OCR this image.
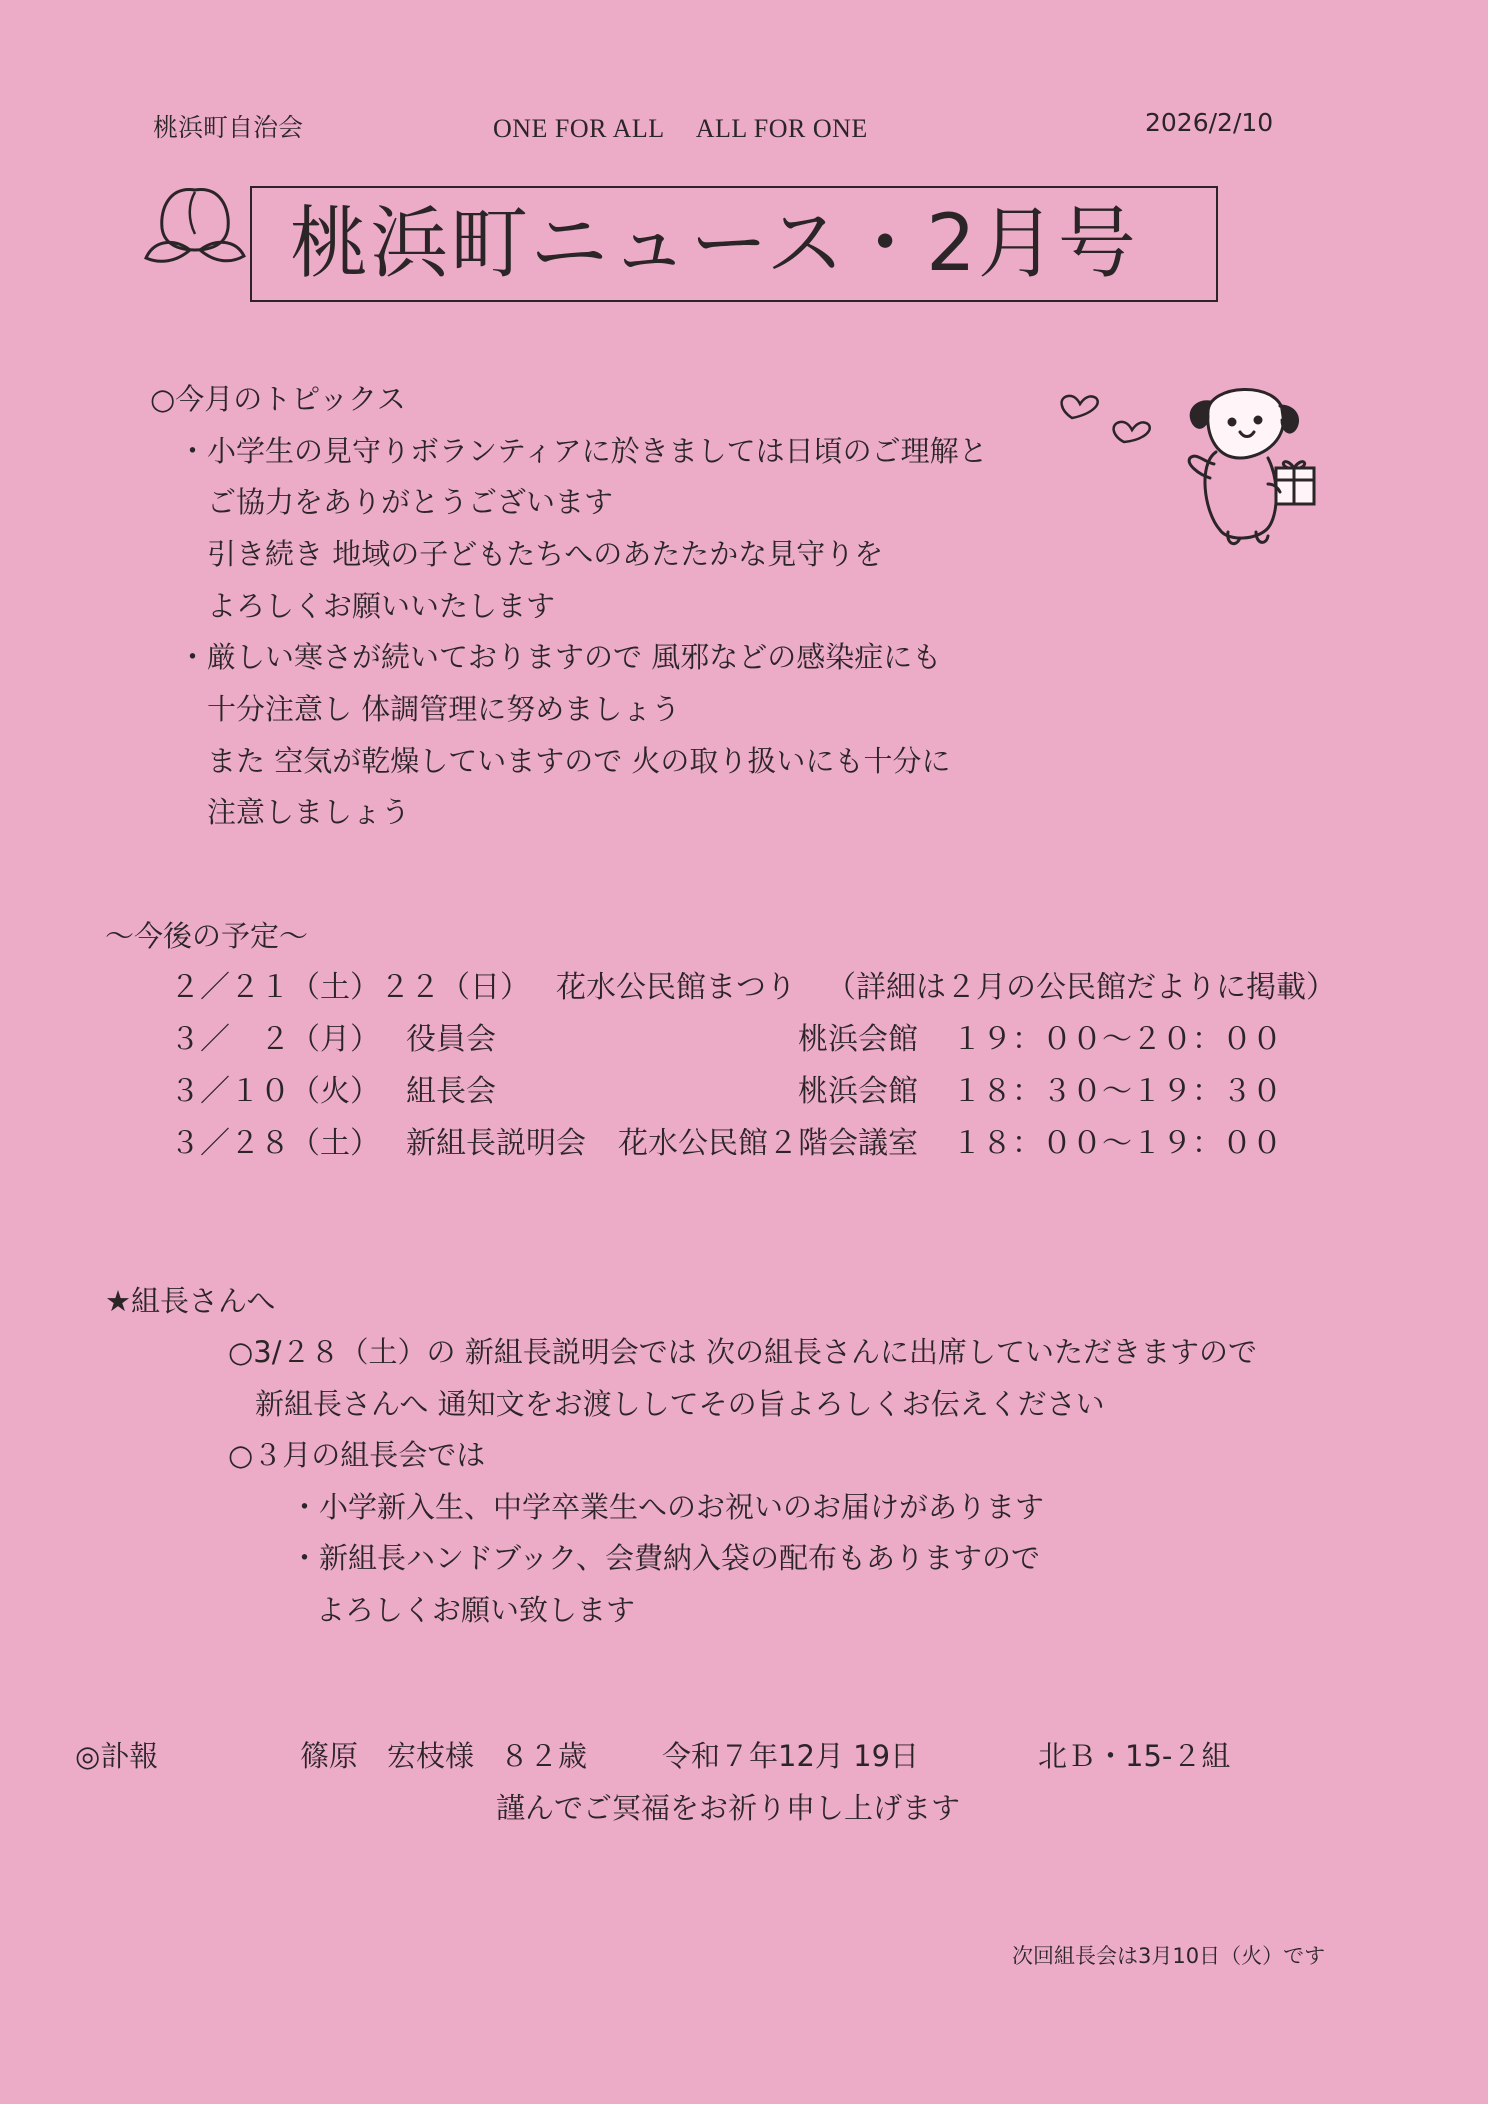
桃浜町自治会	ONE FOR ALL　 ALL FOR ONE	2026/2/10
桃浜町ニュース・2月号
○今月のトピックス
・小学生の見守りボランティアに於きましては日頃のご理解と
ご協力をありがとうございます
引き続き 地域の子どもたちへのあたたかな見守りを
よろしくお願いいたします
・厳しい寒さが続いておりますので 風邪などの感染症にも
十分注意し 体調管理に努めましょう
また 空気が乾燥していますので 火の取り扱いにも十分に
注意しましょう
～今後の予定～
２／２１（土）２２（日） 花水公民館まつり （詳細は２月の公民館だよりに掲載）
３／　２（月） 役員会	桃浜会館 １９：００～２０：００
３／１０（火） 組長会	桃浜会館 １８：３０～１９：３０
３／２８（土） 新組長説明会 花水公民館２階会議室 １８：００～１９：００
★組長さんへ
○3/２８（土）の 新組長説明会では 次の組長さんに出席していただきますので
新組長さんへ 通知文をお渡ししてその旨よろしくお伝えください
○３月の組長会では
・小学新入生、中学卒業生へのお祝いのお届けがあります
・新組長ハンドブック、会費納入袋の配布もありますので
よろしくお願い致します
◎訃報	篠原　宏枝様 ８２歳	令和７年12月 19日	北Ｂ・15-２組
謹んでご冥福をお祈り申し上げます
次回組長会は3月10日（火）です
